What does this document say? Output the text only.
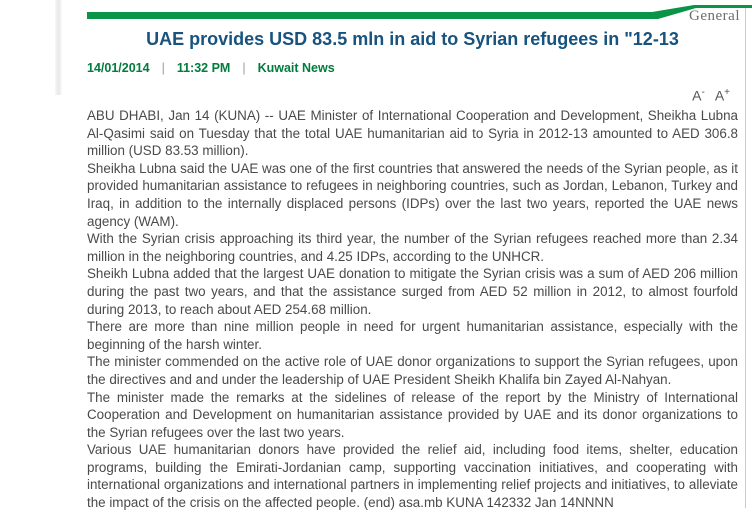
General
UAE provides USD 83.5 mln in aid to Syrian refugees in "12-13
14/01/2014 | 11:32 PM | Kuwait News
A- A+

ABU DHABI, Jan 14 (KUNA) -- UAE Minister of International Cooperation and Development, Sheikha Lubna Al-Qasimi said on Tuesday that the total UAE humanitarian aid to Syria in 2012-13 amounted to AED 306.8 million (USD 83.53 million).

Sheikha Lubna said the UAE was one of the first countries that answered the needs of the Syrian people, as it provided humanitarian assistance to refugees in neighboring countries, such as Jordan, Lebanon, Turkey and Iraq, in addition to the internally displaced persons (IDPs) over the last two years, reported the UAE news agency (WAM).

With the Syrian crisis approaching its third year, the number of the Syrian refugees reached more than 2.34 million in the neighboring countries, and 4.25 IDPs, according to the UNHCR.

Sheikh Lubna added that the largest UAE donation to mitigate the Syrian crisis was a sum of AED 206 million during the past two years, and that the assistance surged from AED 52 million in 2012, to almost fourfold during 2013, to reach about AED 254.68 million.

There are more than nine million people in need for urgent humanitarian assistance, especially with the beginning of the harsh winter.

The minister commended on the active role of UAE donor organizations to support the Syrian refugees, upon the directives and and under the leadership of UAE President Sheikh Khalifa bin Zayed Al-Nahyan.

The minister made the remarks at the sidelines of release of the report by the Ministry of International Cooperation and Development on humanitarian assistance provided by UAE and its donor organizations to the Syrian refugees over the last two years.

Various UAE humanitarian donors have provided the relief aid, including food items, shelter, education programs, building the Emirati-Jordanian camp, supporting vaccination initiatives, and cooperating with international organizations and international partners in implementing relief projects and initiatives, to alleviate the impact of the crisis on the affected people. (end) asa.mb KUNA 142332 Jan 14NNNN
